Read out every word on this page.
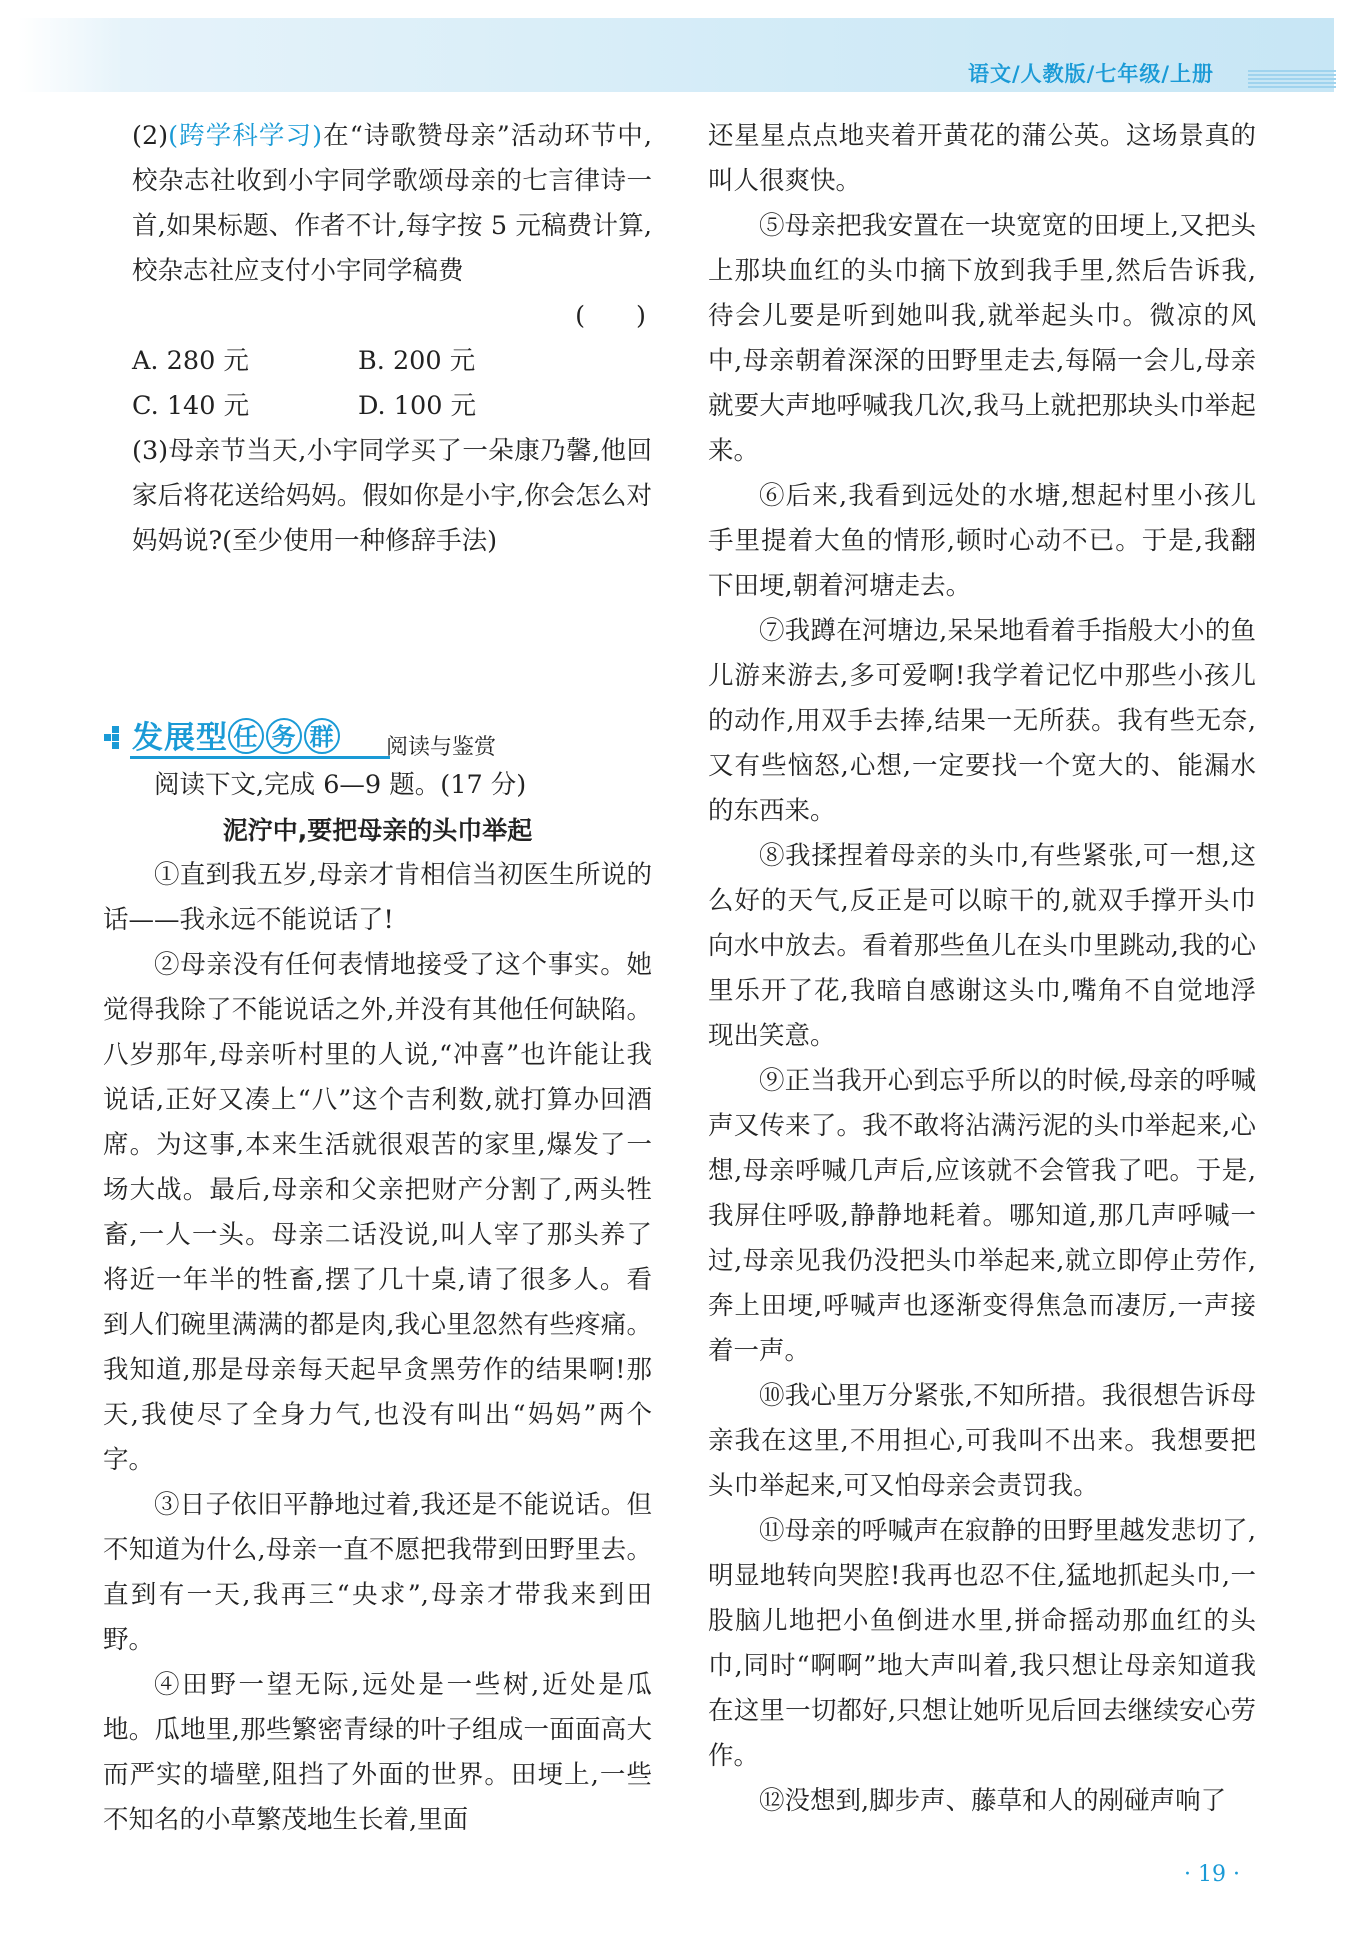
语文/人教版/七年级/上册

(2)(跨学科学习)在“诗歌赞母亲”活动环节中,校杂志社收到小宇同学歌颂母亲的七言律诗一首,如果标题、作者不计,每字按 5 元稿费计算,校杂志社应支付小宇同学稿费

(　　)

A. 280 元	B. 200 元

C. 140 元	D. 100 元

(3)母亲节当天,小宇同学买了一朵康乃馨,他回家后将花送给妈妈。假如你是小宇,你会怎么对妈妈说?(至少使用一种修辞手法)

发展型 任 务 群	阅读与鉴赏

阅读下文,完成 6—9 题。(17 分)

泥泞中,要把母亲的头巾举起

①直到我五岁,母亲才肯相信当初医生所说的话——我永远不能说话了!

②母亲没有任何表情地接受了这个事实。她觉得我除了不能说话之外,并没有其他任何缺陷。八岁那年,母亲听村里的人说,“冲喜”也许能让我说话,正好又凑上“八”这个吉利数,就打算办回酒席。为这事,本来生活就很艰苦的家里,爆发了一场大战。最后,母亲和父亲把财产分割了,两头牲畜,一人一头。母亲二话没说,叫人宰了那头养了将近一年半的牲畜,摆了几十桌,请了很多人。看到人们碗里满满的都是肉,我心里忽然有些疼痛。我知道,那是母亲每天起早贪黑劳作的结果啊!那天,我使尽了全身力气,也没有叫出“妈妈”两个字。

③日子依旧平静地过着,我还是不能说话。但不知道为什么,母亲一直不愿把我带到田野里去。直到有一天,我再三“央求”,母亲才带我来到田野。

④田野一望无际,远处是一些树,近处是瓜地。瓜地里,那些繁密青绿的叶子组成一面面高大而严实的墙壁,阻挡了外面的世界。田埂上,一些不知名的小草繁茂地生长着,里面

还星星点点地夹着开黄花的蒲公英。这场景真的叫人很爽快。

⑤母亲把我安置在一块宽宽的田埂上,又把头上那块血红的头巾摘下放到我手里,然后告诉我,待会儿要是听到她叫我,就举起头巾。微凉的风中,母亲朝着深深的田野里走去,每隔一会儿,母亲就要大声地呼喊我几次,我马上就把那块头巾举起来。

⑥后来,我看到远处的水塘,想起村里小孩儿手里提着大鱼的情形,顿时心动不已。于是,我翻下田埂,朝着河塘走去。

⑦我蹲在河塘边,呆呆地看着手指般大小的鱼儿游来游去,多可爱啊!我学着记忆中那些小孩儿的动作,用双手去捧,结果一无所获。我有些无奈,又有些恼怒,心想,一定要找一个宽大的、能漏水的东西来。

⑧我揉捏着母亲的头巾,有些紧张,可一想,这么好的天气,反正是可以晾干的,就双手撑开头巾向水中放去。看着那些鱼儿在头巾里跳动,我的心里乐开了花,我暗自感谢这头巾,嘴角不自觉地浮现出笑意。

⑨正当我开心到忘乎所以的时候,母亲的呼喊声又传来了。我不敢将沾满污泥的头巾举起来,心想,母亲呼喊几声后,应该就不会管我了吧。于是,我屏住呼吸,静静地耗着。哪知道,那几声呼喊一过,母亲见我仍没把头巾举起来,就立即停止劳作,奔上田埂,呼喊声也逐渐变得焦急而凄厉,一声接着一声。

⑩我心里万分紧张,不知所措。我很想告诉母亲我在这里,不用担心,可我叫不出来。我想要把头巾举起来,可又怕母亲会责罚我。

⑪母亲的呼喊声在寂静的田野里越发悲切了,明显地转向哭腔!我再也忍不住,猛地抓起头巾,一股脑儿地把小鱼倒进水里,拼命摇动那血红的头巾,同时“啊啊”地大声叫着,我只想让母亲知道我在这里一切都好,只想让她听见后回去继续安心劳作。

⑫没想到,脚步声、藤草和人的剐碰声响了

· 19 ·
